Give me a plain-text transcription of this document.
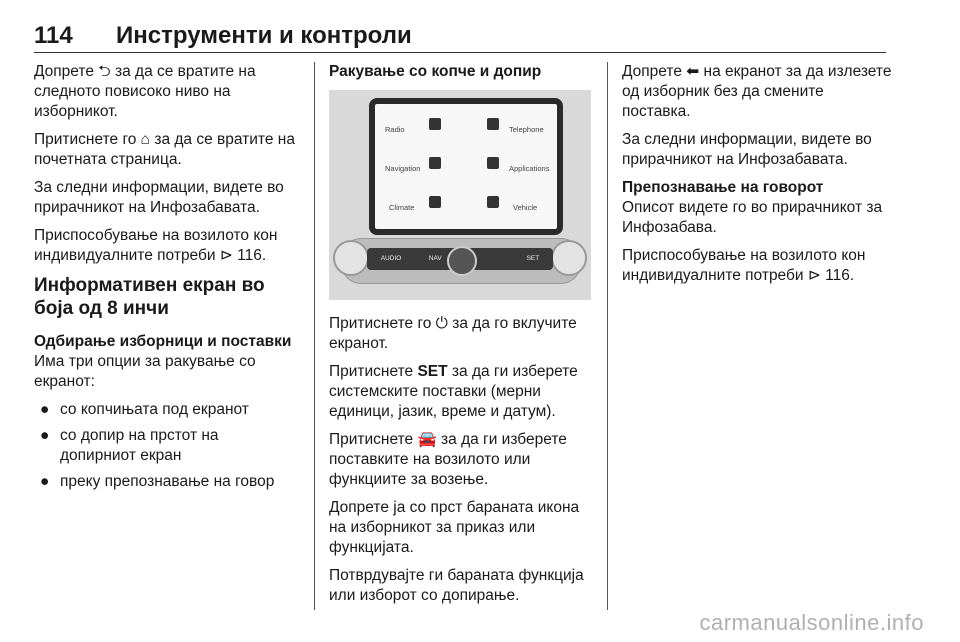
114 Инструменти и контроли

Допрете ⮌ за да се вратите на следното повисоко ниво на изборникот.

Притиснете го ⌂ за да се вратите на почетната страница.

За следни информации, видете во прирачникот на Инфозабавата.

Приспособување на возилото кон индивидуалните потреби ⊳ 116.

Информативен екран во боја од 8 инчи

Одбирање изборници и поставки

Има три опции за ракување со екранот:

● со копчињата под екранот
● со допир на прстот на допирниот екран
● преку препознавање на говор

Ракување со копче и допир

Radio	Telephone
Navigation	Applications
Climate	Vehicle
AUDIO	NAV	SET

Притиснете го ⏻ за да го вклучите екранот.

Притиснете SET за да ги изберете системските поставки (мерни единици, јазик, време и датум).

Притиснете 🚘 за да ги изберете поставките на возилото или функциите за возење.

Допрете ја со прст бараната икона на изборникот за приказ или функцијата.

Потврдувајте ги бараната функција или изборот со допирање.

Допрете ⬅ на екранот за да излезете од изборник без да смените поставка.

За следни информации, видете во прирачникот на Инфозабавата.

Препознавање на говорот

Описот видете го во прирачникот за Инфозабава.

Приспособување на возилото кон индивидуалните потреби ⊳ 116.

carmanualsonline.info
